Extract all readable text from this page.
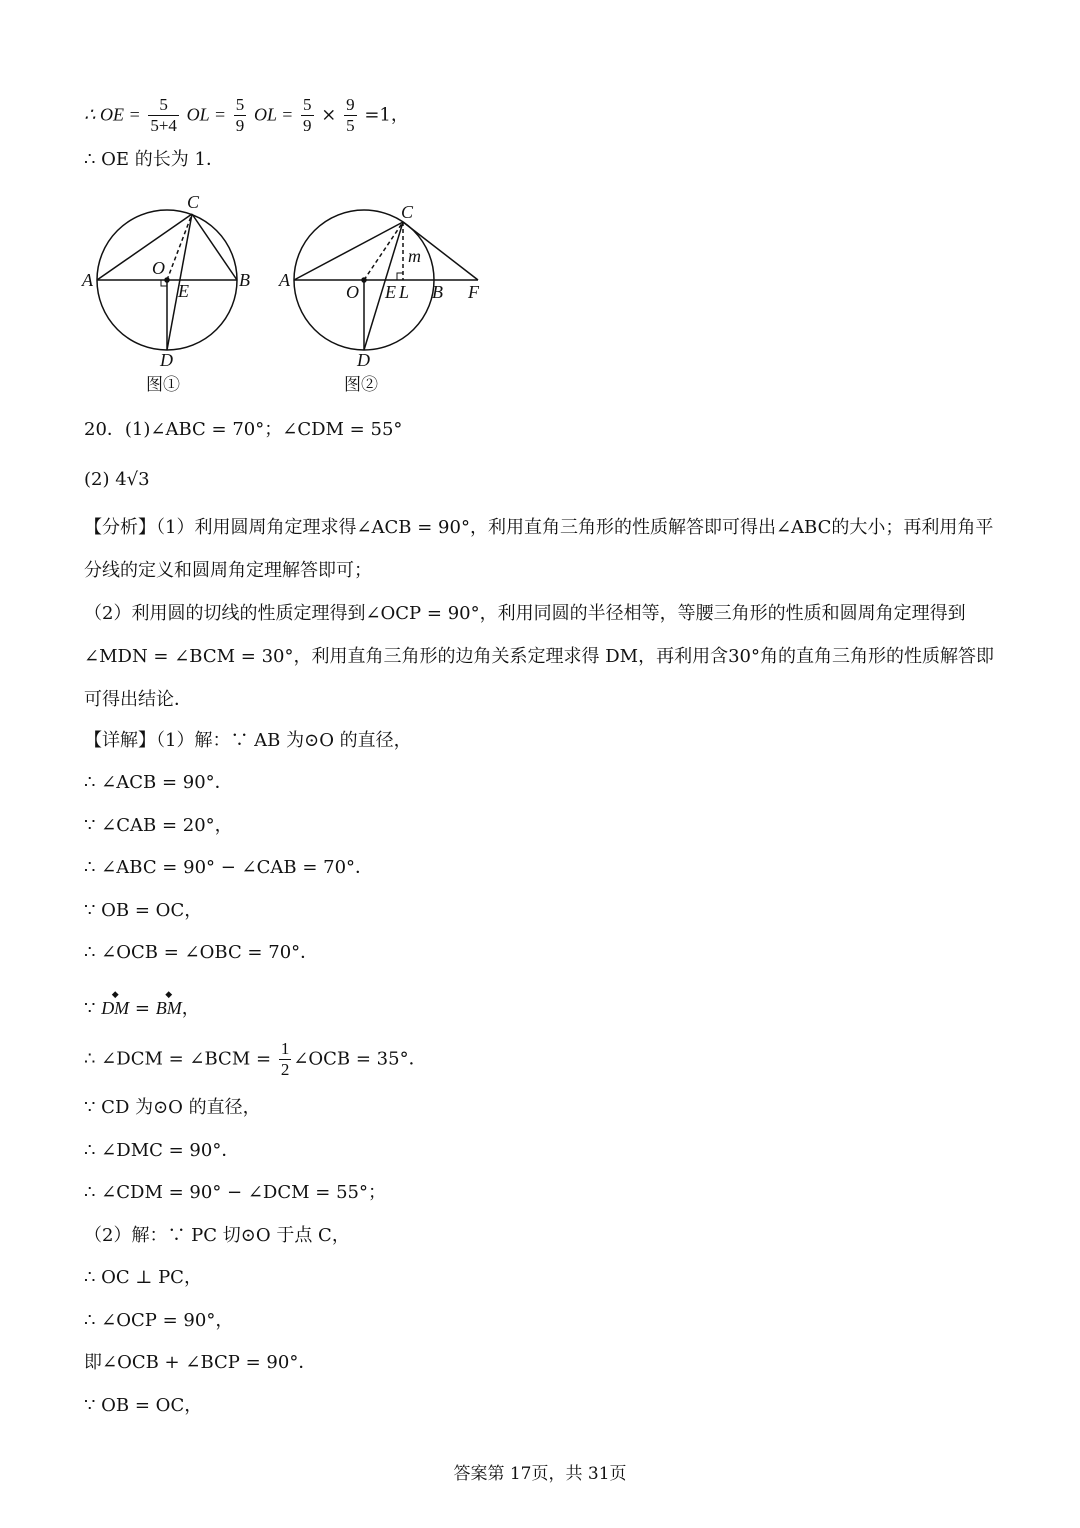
∴ OE = $\frac{5}{5+4}$ OL = $\frac{5}{9}$ OL = $\frac{5}{9} \times \frac{9}{5} =1$，
∴ OE 的长为 1．
C
A
O
B
E
D
图①
C
m
A
O E L B F
D
图②
20．(1)∠ABC = 70°；∠CDM = 55°
(2) 4√3
【分析】（1）利用圆周角定理求得∠ACB = 90°，利用直角三角形的性质解答即可得出∠ABC的大小；再利用角平分线的定义和圆周角定理解答即可；
（2）利用圆的切线的性质定理得到∠OCP = 90°，利用同圆的半径相等，等腰三角形的性质和圆周角定理得到∠MDN = ∠BCM = 30°，利用直角三角形的边角关系定理求得 DM，再利用含30°角的直角三角形的性质解答即可得出结论．
【详解】（1）解：∵ AB 为⊙O 的直径，
∴ ∠ACB = 90°．
∵ ∠CAB = 20°，
∴ ∠ABC = 90° − ∠CAB = 70°．
∵ OB = OC，
∴ ∠OCB = ∠OBC = 70°．
∵ ◆ DM = ◆ BM，
∴ ∠DCM = ∠BCM = $\frac{1}{2}$ ∠OCB = 35°．
∵ CD 为⊙O 的直径，
∴ ∠DMC = 90°．
∴ ∠CDM = 90° − ∠DCM = 55°；
（2）解：∵ PC 切⊙O 于点 C，
∴ OC ⊥ PC，
∴ ∠OCP = 90°，
即∠OCB + ∠BCP = 90°．
∵ OB = OC，
答案第 17页，共 31页
